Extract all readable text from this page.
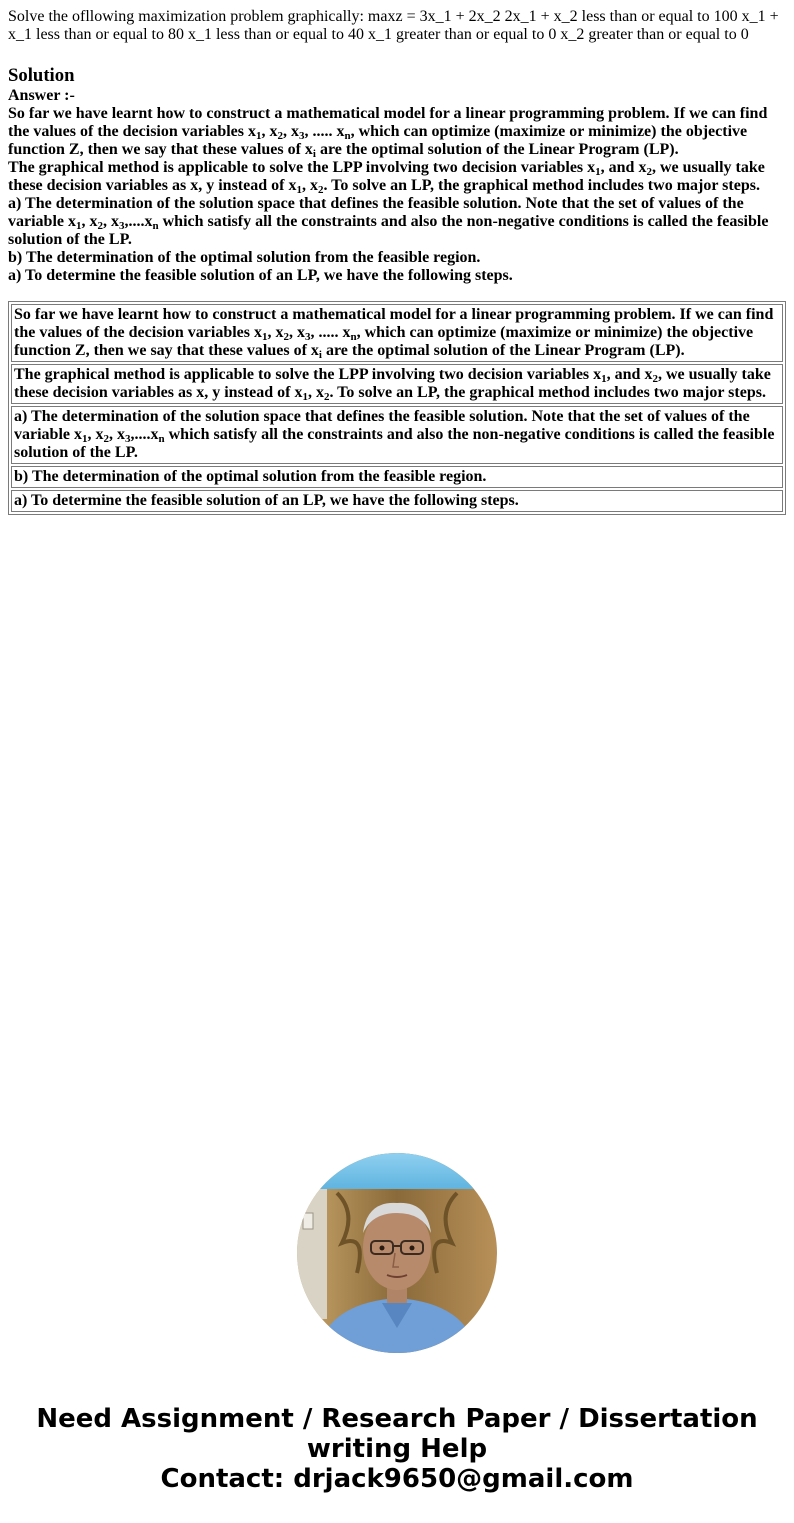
Solve the ofllowing maximization problem graphically: maxz = 3x_1 + 2x_2 2x_1 + x_2 less than or equal to 100 x_1 + x_1 less than or equal to 80 x_1 less than or equal to 40 x_1 greater than or equal to 0 x_2 greater than or equal to 0
Solution

Answer :-

So far we have learnt how to construct a mathematical model for a linear programming problem. If we can find the values of the decision variables $x_1$, $x_2$, $x_3$, ..... $x_n$, which can optimize (maximize or minimize) the objective function Z, then we say that these values of $x_i$ are the optimal solution of the Linear Program (LP).

The graphical method is applicable to solve the LPP involving two decision variables $x_1$, and $x_2$, we usually take these decision variables as x, y instead of $x_1$, $x_2$. To solve an LP, the graphical method includes two major steps.

a) The determination of the solution space that defines the feasible solution. Note that the set of values of the variable $x_1$, $x_2$, $x_3,....x_n$ which satisfy all the constraints and also the non-negative conditions is called the feasible solution of the LP.

b) The determination of the optimal solution from the feasible region.

a) To determine the feasible solution of an LP, we have the following steps.

So far we have learnt how to construct a mathematical model for a linear programming problem. If we can find the values of the decision variables $x_1$, $x_2$, $x_3$, ..... $x_n$, which can optimize (maximize or minimize) the objective function Z, then we say that these values of $x_i$ are the optimal solution of the Linear Program (LP).
The graphical method is applicable to solve the LPP involving two decision variables $x_1$, and $x_2$, we usually take these decision variables as x, y instead of $x_1$, $x_2$. To solve an LP, the graphical method includes two major steps.
a) The determination of the solution space that defines the feasible solution. Note that the set of values of the variable $x_1$, $x_2$, $x_3,....x_n$ which satisfy all the constraints and also the non-negative conditions is called the feasible solution of the LP.
b) The determination of the optimal solution from the feasible region.
a) To determine the feasible solution of an LP, we have the following steps.
Need Assignment / Research Paper / Dissertation
writing Help
Contact: drjack9650@gmail.com
